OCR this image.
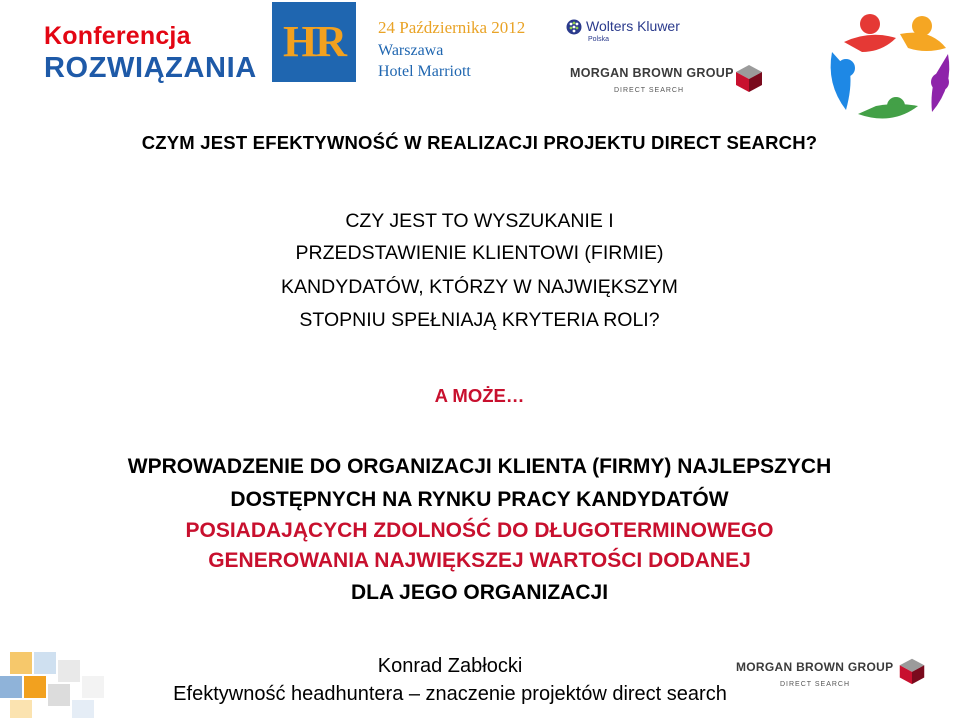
Konferencja
ROZWIĄZANIA
HR	24 Października 2012
Warszawa
Hotel Marriott
Wolters Kluwer
Polska
MORGAN BROWN GROUP
DIRECT SEARCH
CZYM JEST EFEKTYWNOŚĆ W REALIZACJI PROJEKTU DIRECT SEARCH?
CZY JEST TO WYSZUKANIE I
PRZEDSTAWIENIE KLIENTOWI (FIRMIE)
KANDYDATÓW, KTÓRZY W NAJWIĘKSZYM
STOPNIU SPEŁNIAJĄ KRYTERIA ROLI?
A MOŻE…
WPROWADZENIE DO ORGANIZACJI KLIENTA (FIRMY) NAJLEPSZYCH
DOSTĘPNYCH NA RYNKU PRACY KANDYDATÓW
POSIADAJĄCYCH ZDOLNOŚĆ DO DŁUGOTERMINOWEGO
GENEROWANIA NAJWIĘKSZEJ WARTOŚCI DODANEJ
DLA JEGO ORGANIZACJI
Konrad Zabłocki
Efektywność headhuntera – znaczenie projektów direct search
MORGAN BROWN GROUP
DIRECT SEARCH
